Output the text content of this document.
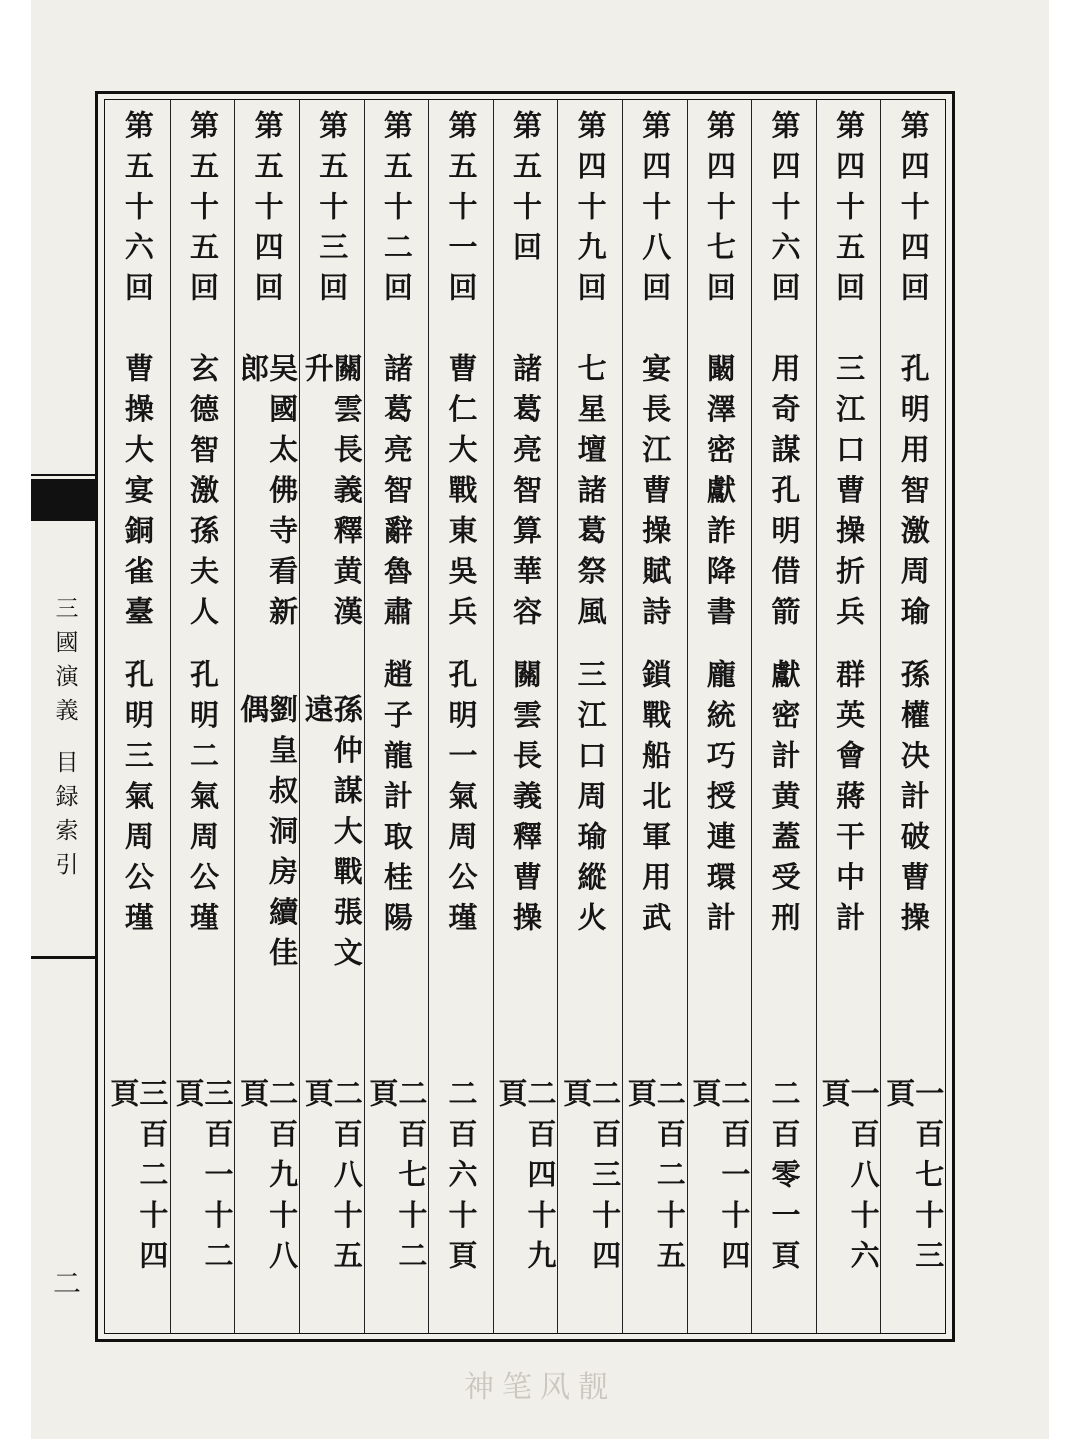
三
國
演
義
目
録
索
引
二
第四十四回
孔明用智激周瑜
孫權决計破曹操
一百七十三頁
第四十五回
三江口曹操折兵
群英會蔣干中計
一百八十六頁
第四十六回
用奇謀孔明借箭
獻密計黄蓋受刑
二百零一頁
第四十七回
闞澤密獻詐降書
龐統巧授連環計
二百一十四頁
第四十八回
宴長江曹操賦詩
鎖戰船北軍用武
二百二十五頁
第四十九回
七星壇諸葛祭風
三江口周瑜縱火
二百三十四頁
第五十回
諸葛亮智算華容
關雲長義釋曹操
二百四十九頁
第五十一回
曹仁大戰東吳兵
孔明一氣周公瑾
二百六十頁
第五十二回
諸葛亮智辭魯肅
趙子龍計取桂陽
二百七十二頁
第五十三回
關雲長義釋黄漢升
孫仲謀大戰張文遠
二百八十五頁
第五十四回
吴國太佛寺看新郎
劉皇叔洞房續佳偶
二百九十八頁
第五十五回
玄德智激孫夫人
孔明二氣周公瑾
三百一十二頁
第五十六回
曹操大宴銅雀臺
孔明三氣周公瑾
三百二十四頁
神笔风靓
